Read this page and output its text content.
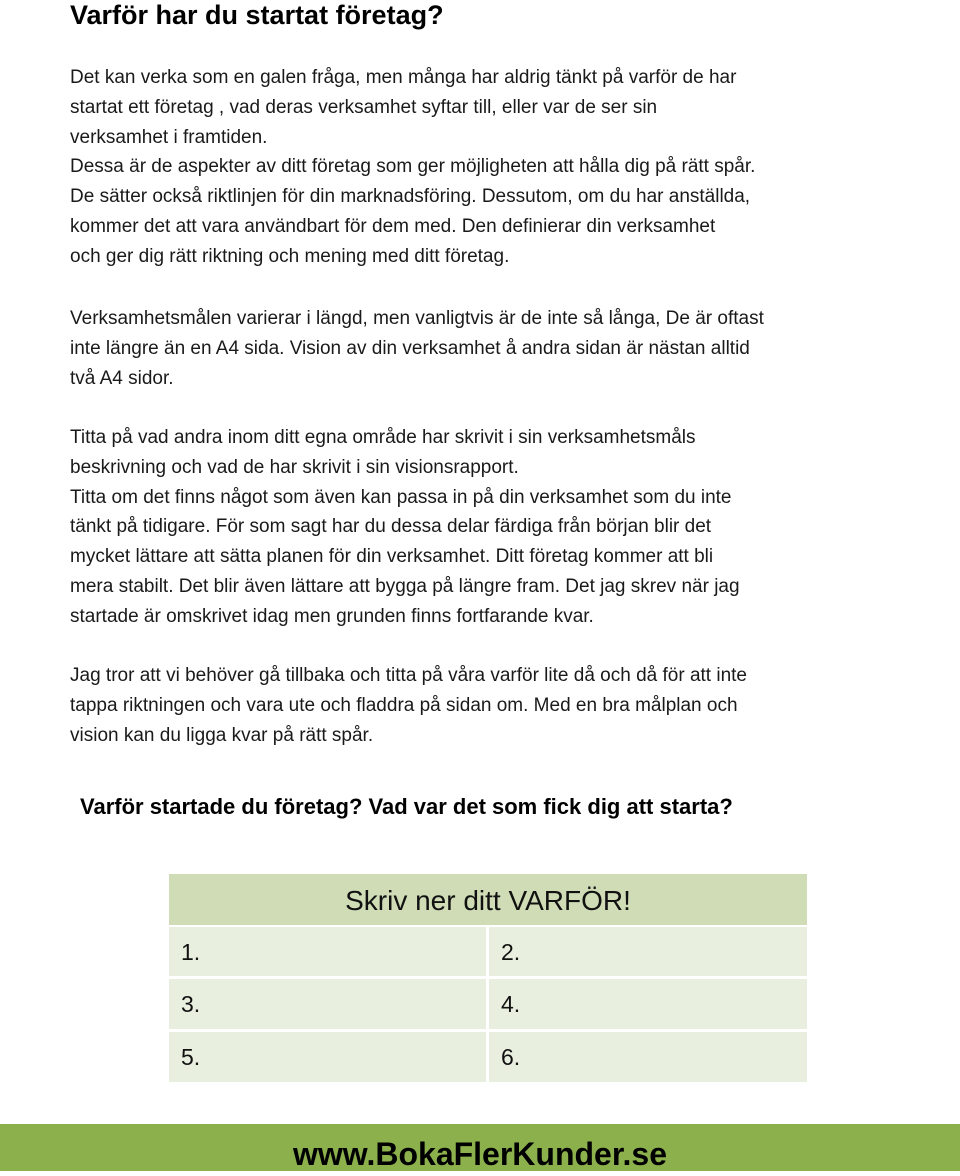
Varför har du startat företag?

Det kan verka som en galen fråga, men många har aldrig tänkt på varför de har
startat ett företag , vad deras verksamhet syftar till, eller var de ser sin
verksamhet i framtiden.
Dessa är de aspekter av ditt företag som ger möjligheten att hålla dig på rätt spår.
De sätter också riktlinjen för din marknadsföring. Dessutom, om du har anställda,
kommer det att vara användbart för dem med. Den definierar din verksamhet
och ger dig rätt riktning och mening med ditt företag.

Verksamhetsmålen varierar i längd, men vanligtvis är de inte så långa, De är oftast
inte längre än en A4 sida. Vision av din verksamhet å andra sidan är nästan alltid
två A4 sidor.

Titta på vad andra inom ditt egna område har skrivit i sin verksamhetsmåls
beskrivning och vad de har skrivit i sin visionsrapport.
Titta om det finns något som även kan passa in på din verksamhet som du inte
tänkt på tidigare. För som sagt har du dessa delar färdiga från början blir det
mycket lättare att sätta planen för din verksamhet. Ditt företag kommer att bli
mera stabilt. Det blir även lättare att bygga på längre fram. Det jag skrev när jag
startade är omskrivet idag men grunden finns fortfarande kvar.

Jag tror att vi behöver gå tillbaka och titta på våra varför lite då och då för att inte
tappa riktningen och vara ute och fladdra på sidan om. Med en bra målplan och
vision kan du ligga kvar på rätt spår.

Varför startade du företag? Vad var det som fick dig att starta?
Skriv ner ditt VARFÖR!
1.	2.
3.	4.
5.	6.
www.BokaFlerKunder.se
